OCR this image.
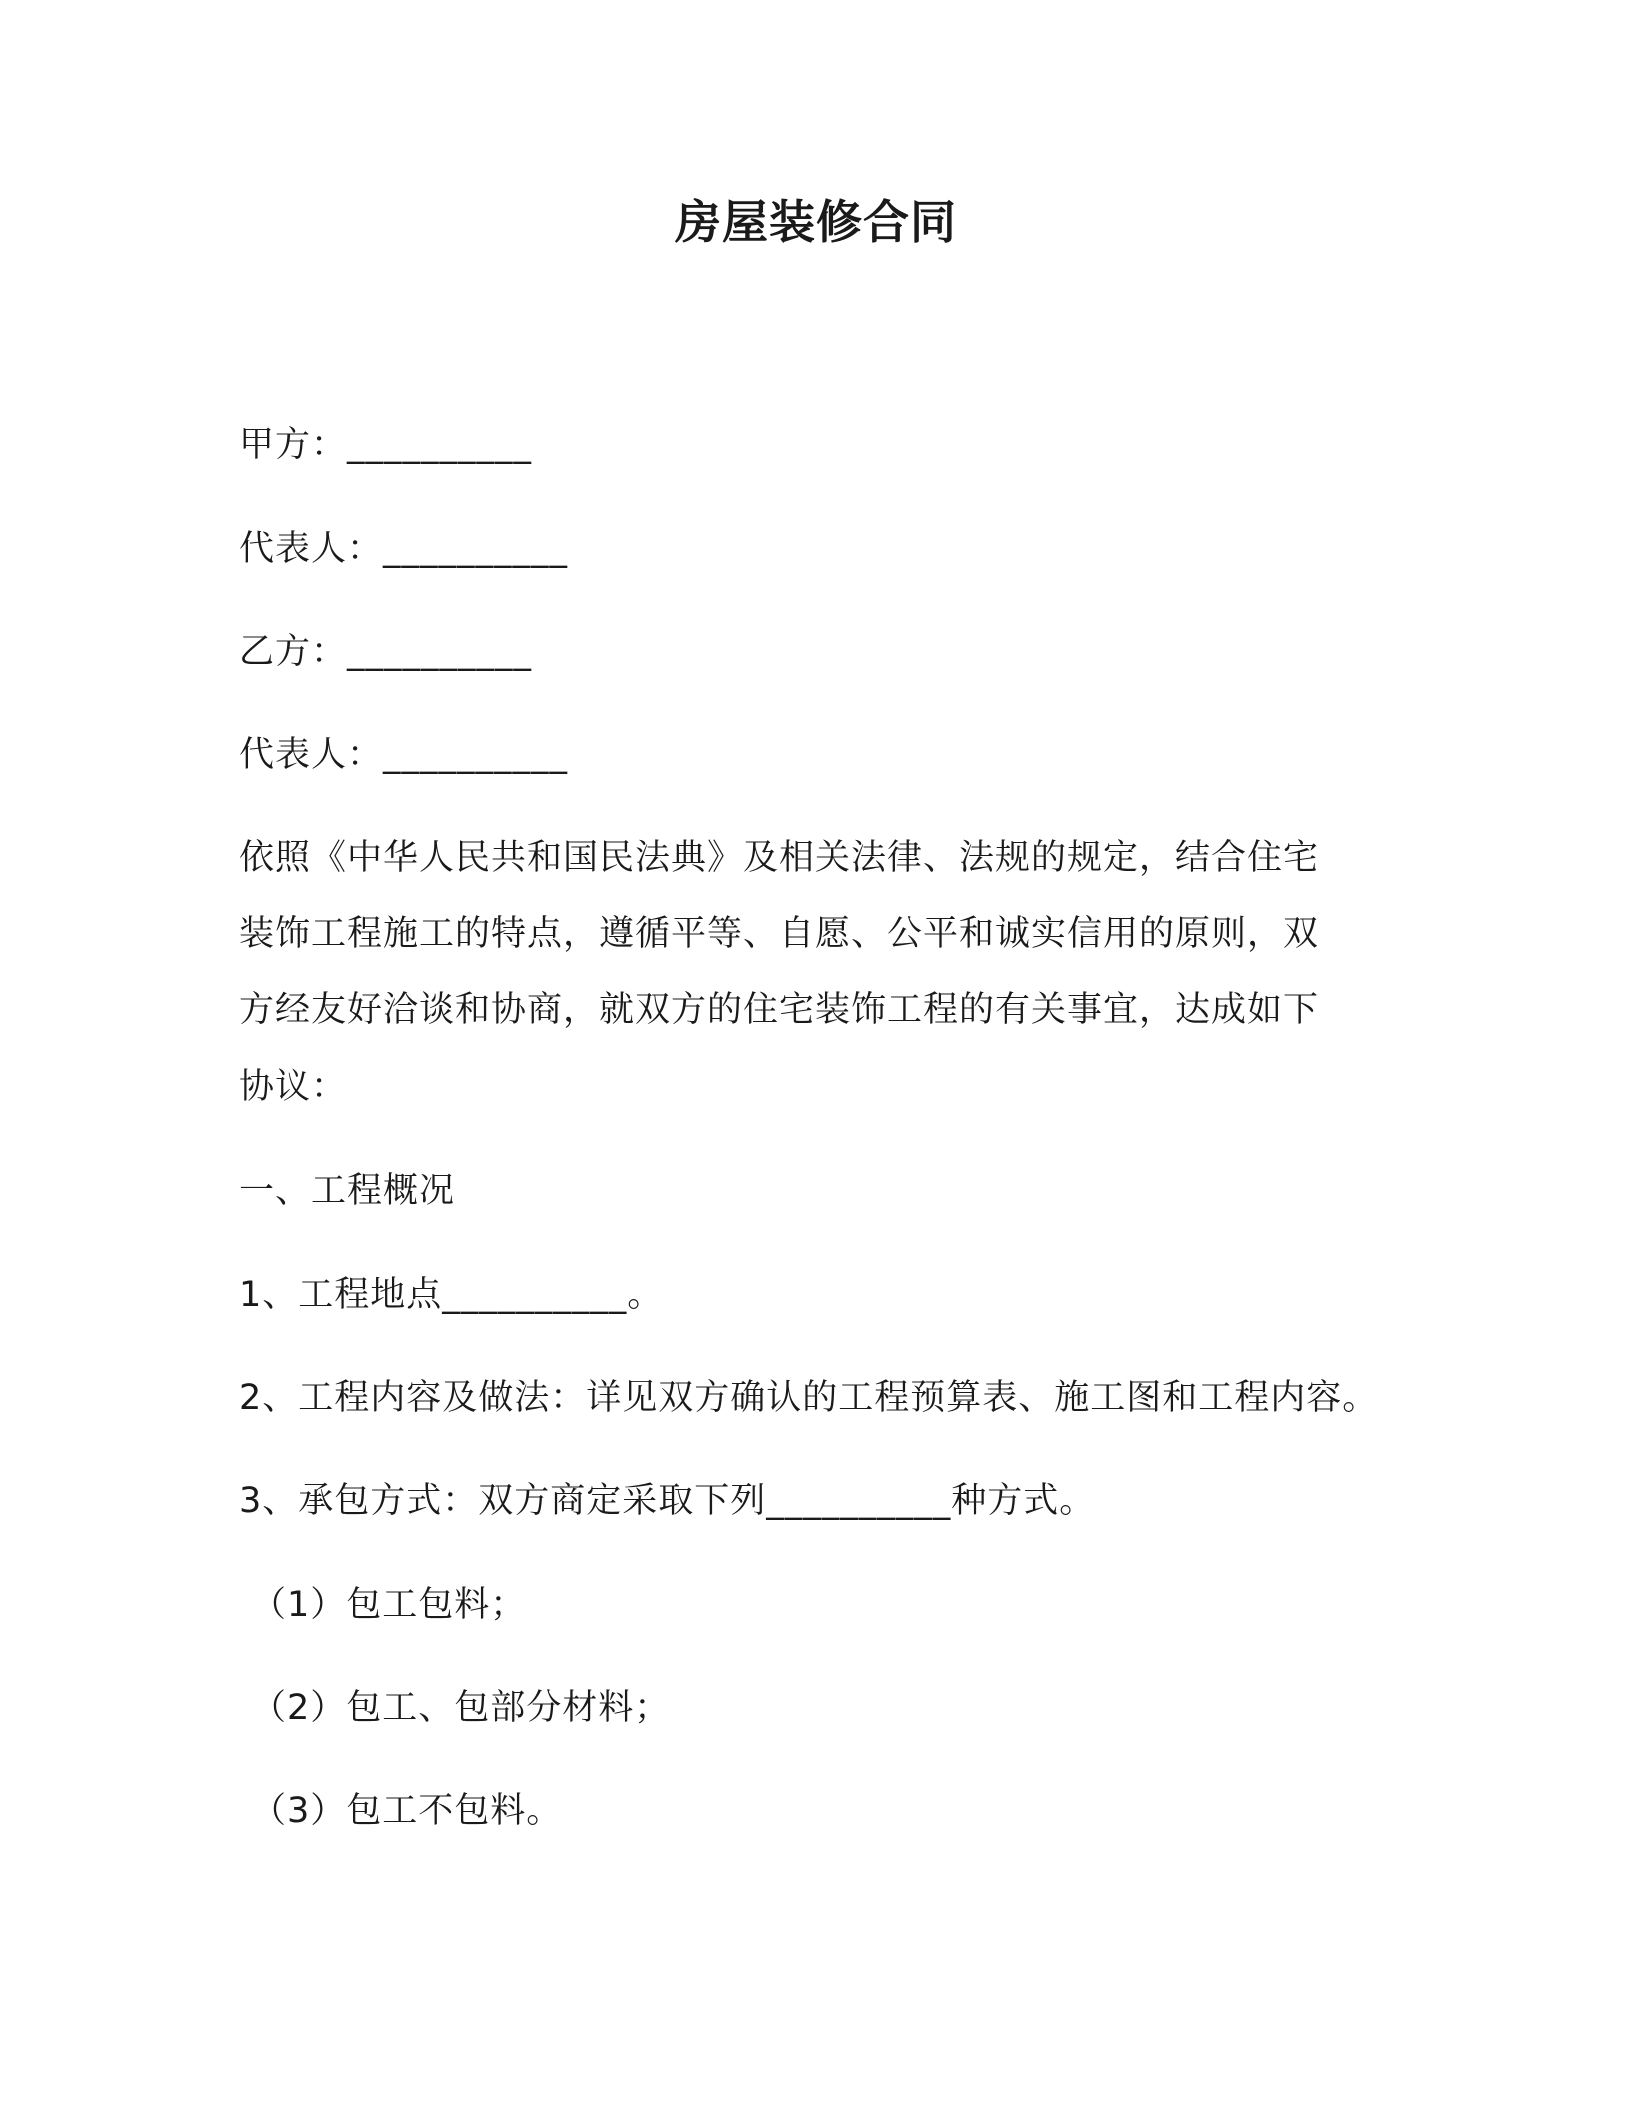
房屋装修合同
甲方：__________
代表人：__________
乙方：__________
代表人：__________
依照《中华人民共和国民法典》及相关法律、法规的规定，结合住宅
装饰工程施工的特点，遵循平等、自愿、公平和诚实信用的原则，双
方经友好洽谈和协商，就双方的住宅装饰工程的有关事宜，达成如下
协议：
一、工程概况
1、工程地点__________。
2、工程内容及做法：详见双方确认的工程预算表、施工图和工程内容。
3、承包方式：双方商定采取下列__________种方式。
（1）包工包料；
（2）包工、包部分材料；
（3）包工不包料。
